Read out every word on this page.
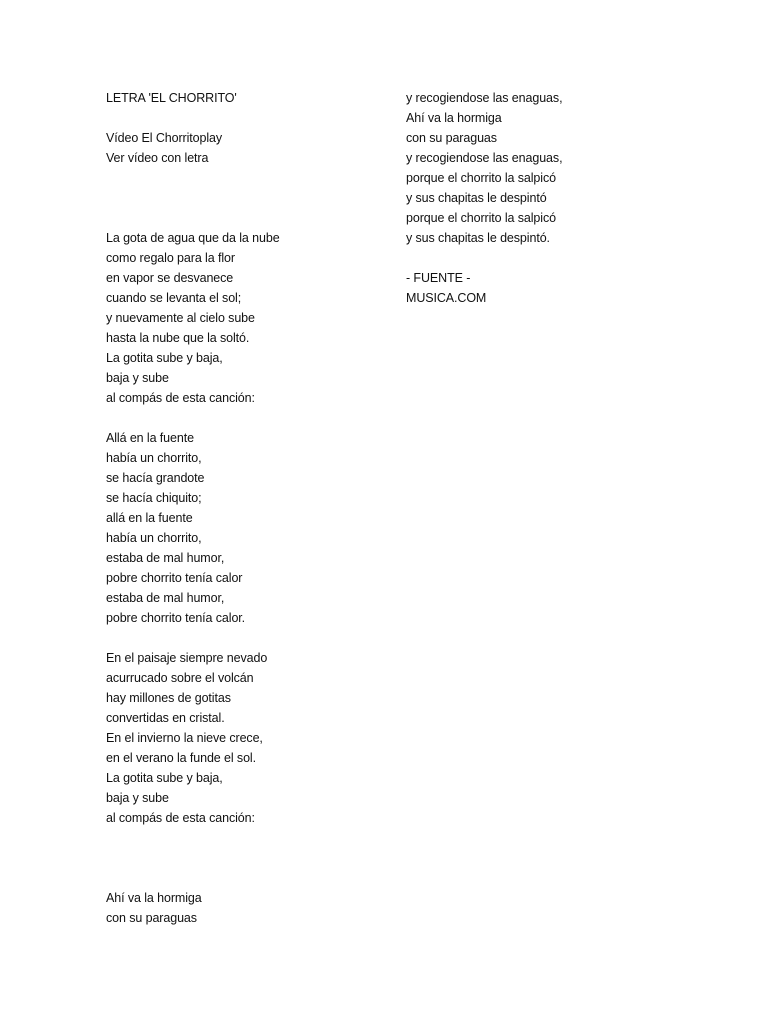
LETRA 'EL CHORRITO'
Vídeo El Chorritoplay
Ver vídeo con letra
La gota de agua que da la nube
como regalo para la flor
en vapor se desvanece
cuando se levanta el sol;
y nuevamente al cielo sube
hasta la nube que la soltó.
La gotita sube y baja,
baja y sube
al compás de esta canción:
Allá en la fuente
había un chorrito,
se hacía grandote
se hacía chiquito;
allá en la fuente
había un chorrito,
estaba de mal humor,
pobre chorrito tenía calor
estaba de mal humor,
pobre chorrito tenía calor.
En el paisaje siempre nevado
acurrucado sobre el volcán
hay millones de gotitas
convertidas en cristal.
En el invierno la nieve crece,
en el verano la funde el sol.
La gotita sube y baja,
baja y sube
al compás de esta canción:
Ahí va la hormiga
con su paraguas
y recogiendose las enaguas,
Ahí va la hormiga
con su paraguas
y recogiendose las enaguas,
porque el chorrito la salpicó
y sus chapitas le despintó
porque el chorrito la salpicó
y sus chapitas le despintó.
- FUENTE -
MUSICA.COM
